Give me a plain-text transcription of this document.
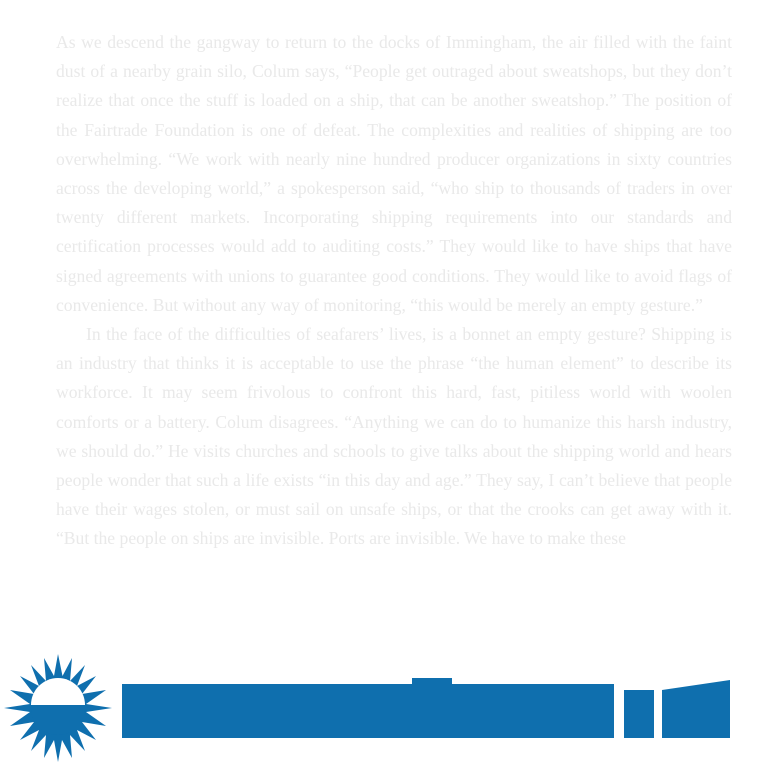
As we descend the gangway to return to the docks of Immingham, the air filled with the faint dust of a nearby grain silo, Colum says, “People get outraged about sweatshops, but they don’t realize that once the stuff is loaded on a ship, that can be another sweatshop.” The position of the Fairtrade Foundation is one of defeat. The complexities and realities of shipping are too overwhelming. “We work with nearly nine hundred producer organizations in sixty countries across the developing world,” a spokesperson said, “who ship to thousands of traders in over twenty different markets. Incorporating shipping requirements into our standards and certification processes would add to auditing costs.” They would like to have ships that have signed agreements with unions to guarantee good conditions. They would like to avoid flags of convenience. But without any way of monitoring, “this would be merely an empty gesture.”

In the face of the difficulties of seafarers’ lives, is a bonnet an empty gesture? Shipping is an industry that thinks it is acceptable to use the phrase “the human element” to describe its workforce. It may seem frivolous to confront this hard, fast, pitiless world with woolen comforts or a battery. Colum disagrees. “Anything we can do to humanize this harsh industry, we should do.” He visits churches and schools to give talks about the shipping world and hears people wonder that such a life exists “in this day and age.” They say, I can’t believe that people have their wages stolen, or must sail on unsafe ships, or that the crooks can get away with it. “But the people on ships are invisible. Ports are invisible. We have to make these
